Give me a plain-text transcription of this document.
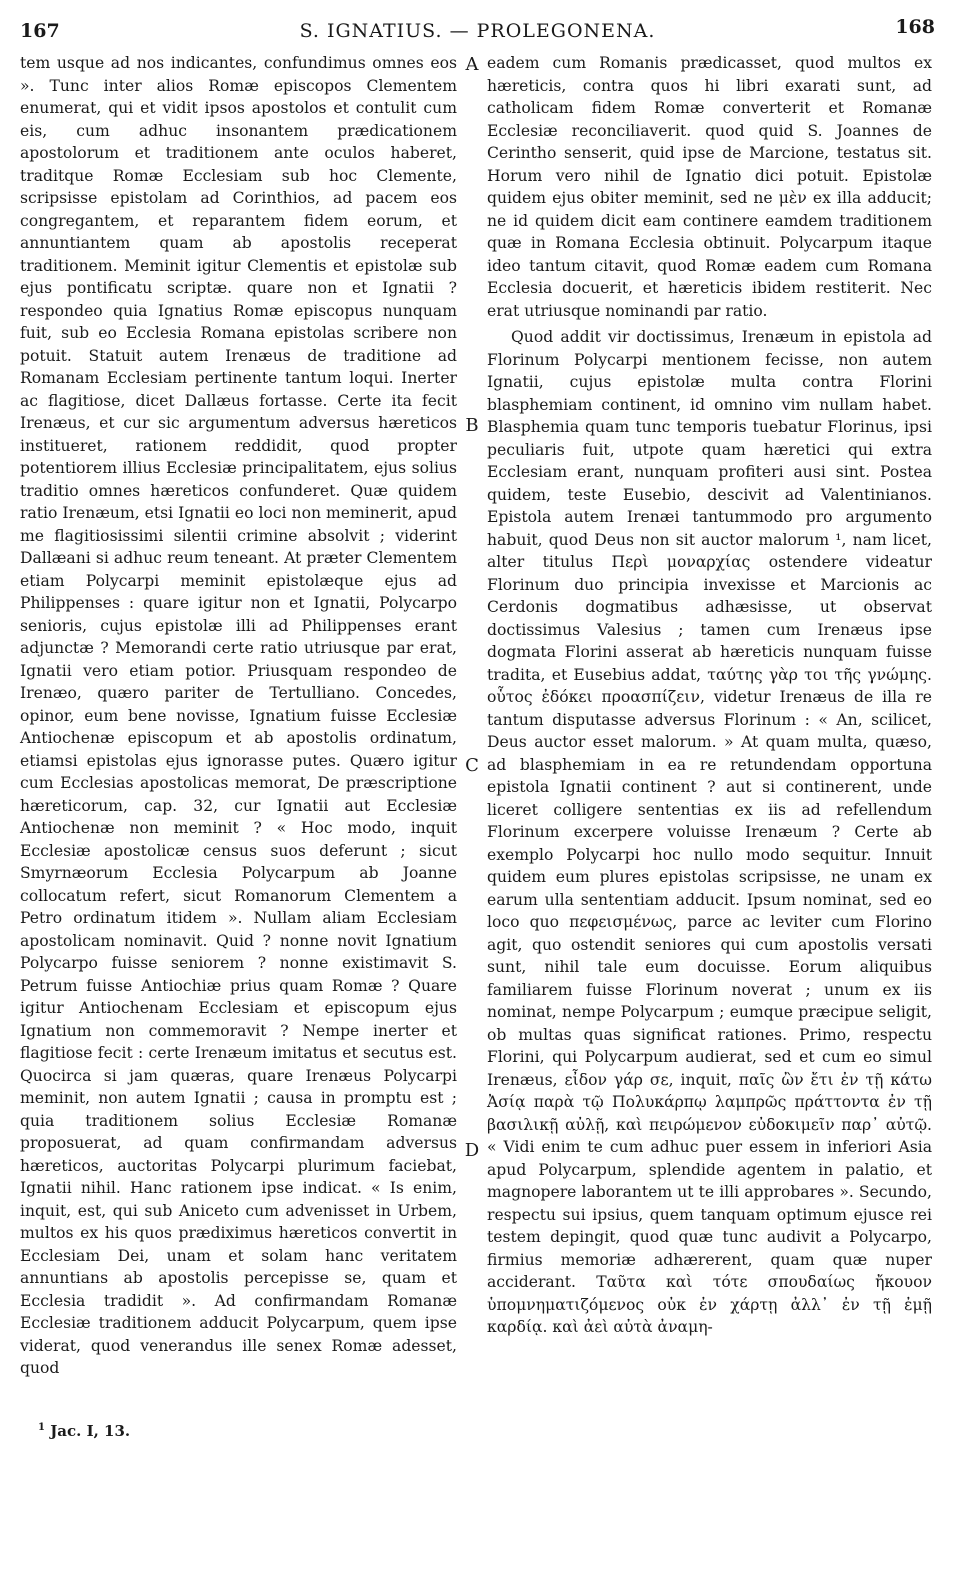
167	S. IGNATIUS. — PROLEGONENA.	168

tem usque ad nos indicantes, confundimus omnes eos ». Tunc inter alios Romæ episcopos Clementem enumerat, qui et vidit ipsos apostolos et contulit cum eis, cum adhuc insonantem prædicationem apostolorum et traditionem ante oculos haberet, traditque Romæ Ecclesiam sub hoc Clemente, scripsisse epistolam ad Corinthios, ad pacem eos congregantem, et reparantem fidem eorum, et annuntiantem quam ab apostolis receperat traditionem. Meminit igitur Clementis et epistolæ sub ejus pontificatu scriptæ. quare non et Ignatii ? respondeo quia Ignatius Romæ episcopus nunquam fuit, sub eo Ecclesia Romana epistolas scribere non potuit. Statuit autem Irenæus de traditione ad Romanam Ecclesiam pertinente tantum loqui. Inerter ac flagitiose, dicet Dallæus fortasse. Certe ita fecit Irenæus, et cur sic argumentum adversus hæreticos institueret, rationem reddidit, quod propter potentiorem illius Ecclesiæ principalitatem, ejus solius traditio omnes hæreticos confunderet. Quæ quidem ratio Irenæum, etsi Ignatii eo loci non meminerit, apud me flagitiosissimi silentii crimine absolvit ; viderint Dallæani si adhuc reum teneant. At præter Clementem etiam Polycarpi meminit epistolæque ejus ad Philippenses : quare igitur non et Ignatii, Polycarpo senioris, cujus epistolæ illi ad Philippenses erant adjunctæ ? Memorandi certe ratio utriusque par erat, Ignatii vero etiam potior. Priusquam respondeo de Irenæo, quæro pariter de Tertulliano. Concedes, opinor, eum bene novisse, Ignatium fuisse Ecclesiæ Antiochenæ episcopum et ab apostolis ordinatum, etiamsi epistolas ejus ignorasse putes. Quæro igitur cum Ecclesias apostolicas memorat, De præscriptione hæreticorum, cap. 32, cur Ignatii aut Ecclesiæ Antiochenæ non meminit ? « Hoc modo, inquit Ecclesiæ apostolicæ census suos deferunt ; sicut Smyrnæorum Ecclesia Polycarpum ab Joanne collocatum refert, sicut Romanorum Clementem a Petro ordinatum itidem ». Nullam aliam Ecclesiam apostolicam nominavit. Quid ? nonne novit Ignatium Polycarpo fuisse seniorem ? nonne existimavit S. Petrum fuisse Antiochiæ prius quam Romæ ? Quare igitur Antiochenam Ecclesiam et episcopum ejus Ignatium non commemoravit ? Nempe inerter et flagitiose fecit : certe Irenæum imitatus et secutus est. Quocirca si jam quæras, quare Irenæus Polycarpi meminit, non autem Ignatii ; causa in promptu est ; quia traditionem solius Ecclesiæ Romanæ proposuerat, ad quam confirmandam adversus hæreticos, auctoritas Polycarpi plurimum faciebat, Ignatii nihil. Hanc rationem ipse indicat. « Is enim, inquit, est, qui sub Aniceto cum advenisset in Urbem, multos ex his quos prædiximus hæreticos convertit in Ecclesiam Dei, unam et solam hanc veritatem annuntians ab apostolis percepisse se, quam et Ecclesia tradidit ». Ad confirmandam Romanæ Ecclesiæ traditionem adducit Polycarpum, quem ipse viderat, quod venerandus ille senex Romæ adesset, quod

A
B
C
D

eadem cum Romanis prædicasset, quod multos ex hæreticis, contra quos hi libri exarati sunt, ad catholicam fidem Romæ converterit et Romanæ Ecclesiæ reconciliaverit. quod quid S. Joannes de Cerintho senserit, quid ipse de Marcione, testatus sit. Horum vero nihil de Ignatio dici potuit. Epistolæ quidem ejus obiter meminit, sed ne μὲν ex illa adducit; ne id quidem dicit eam continere eamdem traditionem quæ in Romana Ecclesia obtinuit. Polycarpum itaque ideo tantum citavit, quod Romæ eadem cum Romana Ecclesia docuerit, et hæreticis ibidem restiterit. Nec erat utriusque nominandi par ratio.

Quod addit vir doctissimus, Irenæum in epistola ad Florinum Polycarpi mentionem fecisse, non autem Ignatii, cujus epistolæ multa contra Florini blasphemiam continent, id omnino vim nullam habet. Blasphemia quam tunc temporis tuebatur Florinus, ipsi peculiaris fuit, utpote quam hæretici qui extra Ecclesiam erant, nunquam profiteri ausi sint. Postea quidem, teste Eusebio, descivit ad Valentinianos. Epistola autem Irenæi tantummodo pro argumento habuit, quod Deus non sit auctor malorum ¹, nam licet, alter titulus Περὶ μοναρχίας ostendere videatur Florinum duo principia invexisse et Marcionis ac Cerdonis dogmatibus adhæsisse, ut observat doctissimus Valesius ; tamen cum Irenæus ipse dogmata Florini asserat ab hæreticis nunquam fuisse tradita, et Eusebius addat, ταύτης γὰρ τοι τῆς γνώμης. οὗτος ἐδόκει προασπίζειν, videtur Irenæus de illa re tantum disputasse adversus Florinum : « An, scilicet, Deus auctor esset malorum. » At quam multa, quæso, ad blasphemiam in ea re retundendam opportuna epistola Ignatii continent ? aut si continerent, unde liceret colligere sententias ex iis ad refellendum Florinum excerpere voluisse Irenæum ? Certe ab exemplo Polycarpi hoc nullo modo sequitur. Innuit quidem eum plures epistolas scripsisse, ne unam ex earum ulla sententiam adducit. Ipsum nominat, sed eo loco quo πεφεισμένως, parce ac leviter cum Florino agit, quo ostendit seniores qui cum apostolis versati sunt, nihil tale eum docuisse. Eorum aliquibus familiarem fuisse Florinum noverat ; unum ex iis nominat, nempe Polycarpum ; eumque præcipue seligit, ob multas quas significat rationes. Primo, respectu Florini, qui Polycarpum audierat, sed et cum eo simul Irenæus, εἶδον γάρ σε, inquit, παῖς ὢν ἔτι ἐν τῇ κάτω Ἀσίᾳ παρὰ τῷ Πολυκάρπῳ λαμπρῶς πράττοντα ἐν τῇ βασιλικῇ αὐλῇ, καὶ πειρώμενον εὐδοκιμεῖν παρ᾽ αὐτῷ. « Vidi enim te cum adhuc puer essem in inferiori Asia apud Polycarpum, splendide agentem in palatio, et magnopere laborantem ut te illi approbares ». Secundo, respectu sui ipsius, quem tanquam optimum ejusce rei testem depingit, quod quæ tunc audivit a Polycarpo, firmius memoriæ adhærerent, quam quæ nuper acciderant. Ταῦτα καὶ τότε σπουδαίως ἤκουον ὑπομνηματιζόμενος οὐκ ἐν χάρτῃ ἀλλ᾽ ἐν τῇ ἐμῇ καρδίᾳ. καὶ ἀεὶ αὐτὰ ἀναμη-

$^1$ Jac. I, 13.
